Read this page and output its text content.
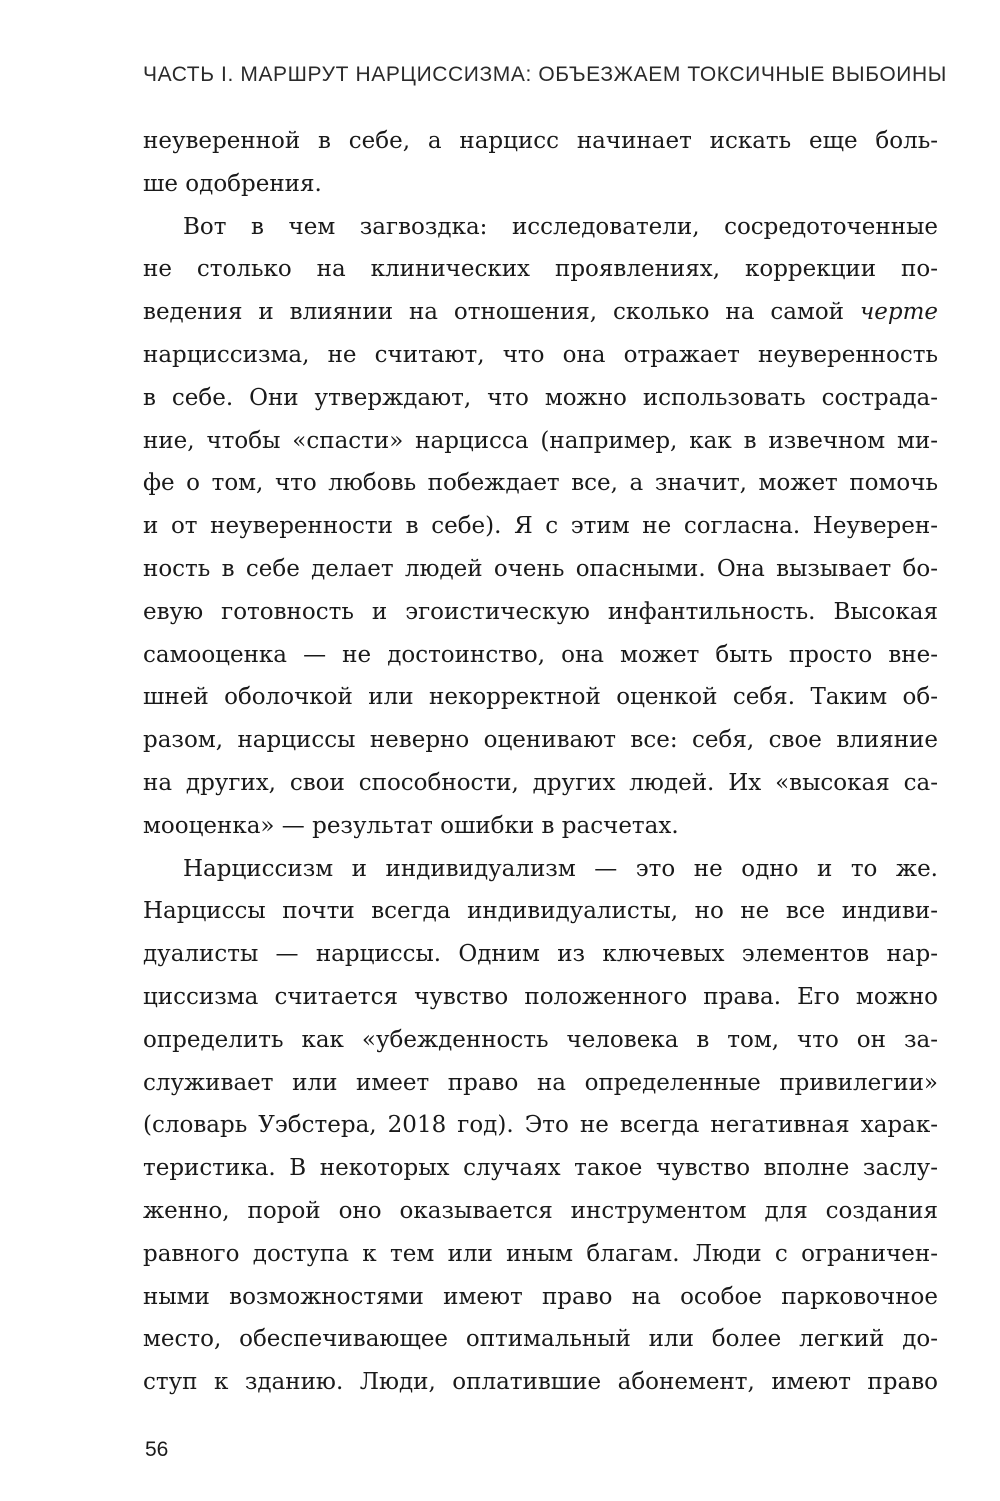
ЧАСТЬ I. МАРШРУТ НАРЦИССИЗМА: ОБЪЕЗЖАЕМ ТОКСИЧНЫЕ ВЫБОИНЫ
неуверенной в себе, а нарцисс начинает искать еще боль-
ше одобрения.
Вот в чем загвоздка: исследователи, сосредоточенные
не столько на клинических проявлениях, коррекции по-
ведения и влиянии на отношения, сколько на самой черте
нарциссизма, не считают, что она отражает неуверенность
в себе. Они утверждают, что можно использовать сострада-
ние, чтобы «спасти» нарцисса (например, как в извечном ми-
фе о том, что любовь побеждает все, а значит, может помочь
и от неуверенности в себе). Я с этим не согласна. Неуверен-
ность в себе делает людей очень опасными. Она вызывает бо-
евую готовность и эгоистическую инфантильность. Высокая
самооценка — не достоинство, она может быть просто вне-
шней оболочкой или некорректной оценкой себя. Таким об-
разом, нарциссы неверно оценивают все: себя, свое влияние
на других, свои способности, других людей. Их «высокая са-
мооценка» — результат ошибки в расчетах.
Нарциссизм и индивидуализм — это не одно и то же.
Нарциссы почти всегда индивидуалисты, но не все индиви-
дуалисты — нарциссы. Одним из ключевых элементов нар-
циссизма считается чувство положенного права. Его можно
определить как «убежденность человека в том, что он за-
служивает или имеет право на определенные привилегии»
(словарь Уэбстера, 2018 год). Это не всегда негативная харак-
теристика. В некоторых случаях такое чувство вполне заслу-
женно, порой оно оказывается инструментом для создания
равного доступа к тем или иным благам. Люди с ограничен-
ными возможностями имеют право на особое парковочное
место, обеспечивающее оптимальный или более легкий до-
ступ к зданию. Люди, оплатившие абонемент, имеют право
56
